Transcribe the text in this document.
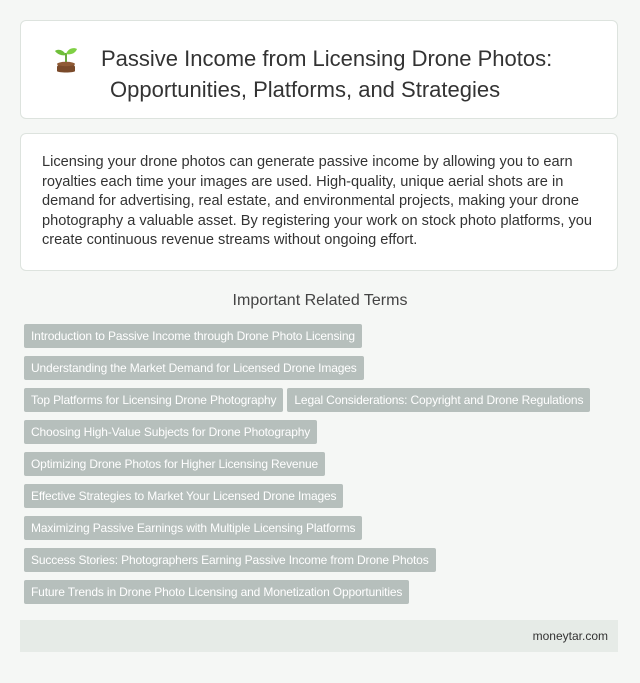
Passive Income from Licensing Drone Photos:
Opportunities, Platforms, and Strategies

Licensing your drone photos can generate passive income by allowing you to earn royalties each time your images are used. High-quality, unique aerial shots are in demand for advertising, real estate, and environmental projects, making your drone photography a valuable asset. By registering your work on stock photo platforms, you create continuous revenue streams without ongoing effort.

Important Related Terms
Introduction to Passive Income through Drone Photo Licensing
Understanding the Market Demand for Licensed Drone Images
Top Platforms for Licensing Drone Photography Legal Considerations: Copyright and Drone Regulations
Choosing High-Value Subjects for Drone Photography
Optimizing Drone Photos for Higher Licensing Revenue
Effective Strategies to Market Your Licensed Drone Images
Maximizing Passive Earnings with Multiple Licensing Platforms
Success Stories: Photographers Earning Passive Income from Drone Photos
Future Trends in Drone Photo Licensing and Monetization Opportunities
moneytar.com
